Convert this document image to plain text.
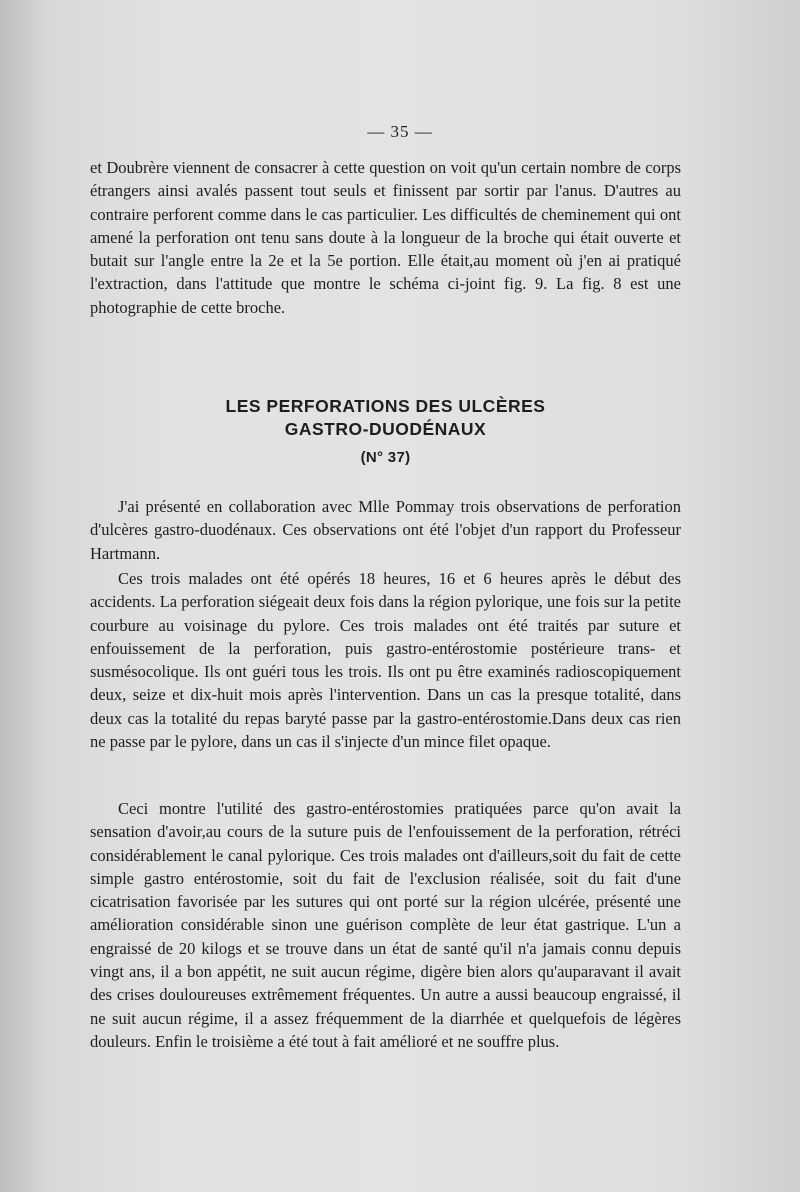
— 35 —

et Doubrère viennent de consacrer à cette question on voit qu'un certain nombre de corps étrangers ainsi avalés passent tout seuls et finissent par sortir par l'anus. D'autres au contraire perforent comme dans le cas particulier. Les difficultés de cheminement qui ont amené la perforation ont tenu sans doute à la longueur de la broche qui était ouverte et butait sur l'angle entre la 2e et la 5e portion. Elle était,au moment où j'en ai pratiqué l'extraction, dans l'attitude que montre le schéma ci-joint fig. 9. La fig. 8 est une photographie de cette broche.

LES PERFORATIONS DES ULCÈRES
GASTRO-DUODÉNAUX
(N° 37)

J'ai présenté en collaboration avec Mlle Pommay trois observations de perforation d'ulcères gastro-duodénaux. Ces observations ont été l'objet d'un rapport du Professeur Hartmann.

Ces trois malades ont été opérés 18 heures, 16 et 6 heures après le début des accidents. La perforation siégeait deux fois dans la région pylorique, une fois sur la petite courbure au voisinage du pylore. Ces trois malades ont été traités par suture et enfouissement de la perforation, puis gastro-entérostomie postérieure trans- et susmésocolique. Ils ont guéri tous les trois. Ils ont pu être examinés radioscopiquement deux, seize et dix-huit mois après l'intervention. Dans un cas la presque totalité, dans deux cas la totalité du repas baryté passe par la gastro-entérostomie.Dans deux cas rien ne passe par le pylore, dans un cas il s'injecte d'un mince filet opaque.

Ceci montre l'utilité des gastro-entérostomies pratiquées parce qu'on avait la sensation d'avoir,au cours de la suture puis de l'enfouissement de la perforation, rétréci considérablement le canal pylorique. Ces trois malades ont d'ailleurs,soit du fait de cette simple gastro entérostomie, soit du fait de l'exclusion réalisée, soit du fait d'une cicatrisation favorisée par les sutures qui ont porté sur la région ulcérée, présenté une amélioration considérable sinon une guérison complète de leur état gastrique. L'un a engraissé de 20 kilogs et se trouve dans un état de santé qu'il n'a jamais connu depuis vingt ans, il a bon appétit, ne suit aucun régime, digère bien alors qu'auparavant il avait des crises douloureuses extrêmement fréquentes. Un autre a aussi beaucoup engraissé, il ne suit aucun régime, il a assez fréquemment de la diarrhée et quelquefois de légères douleurs. Enfin le troisième a été tout à fait amélioré et ne souffre plus.
